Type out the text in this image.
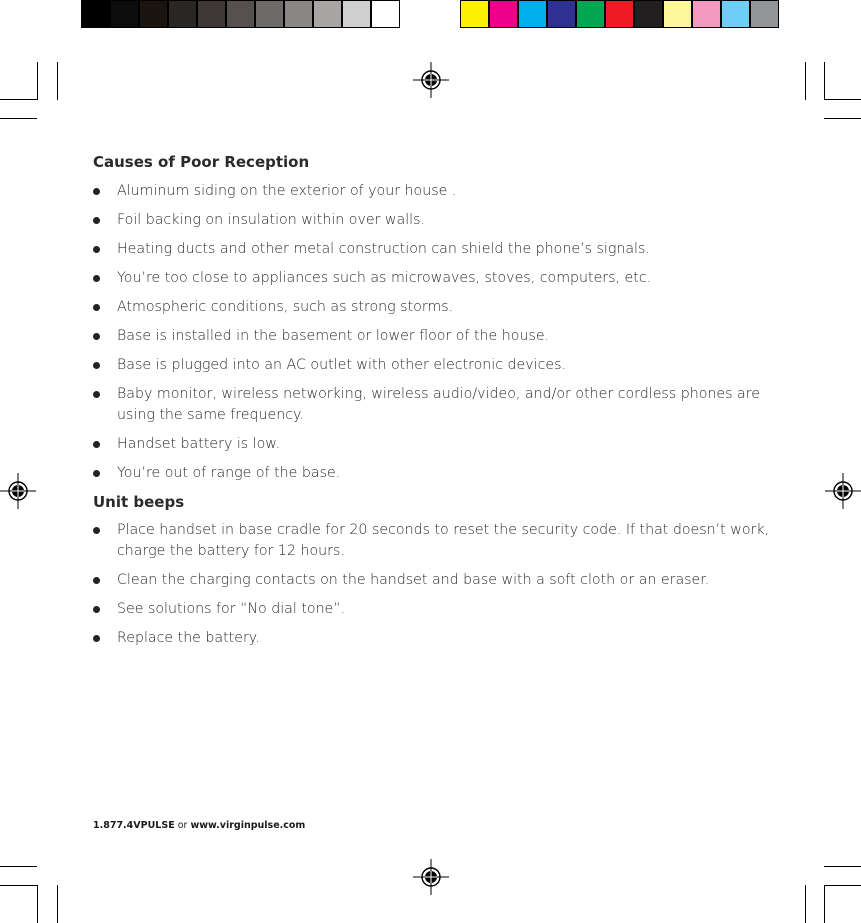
Causes of Poor Reception
Aluminum siding on the exterior of your house .
Foil backing on insulation within over walls.
Heating ducts and other metal construction can shield the phone’s signals.
You’re too close to appliances such as microwaves, stoves, computers, etc.
Atmospheric conditions, such as strong storms.
Base is installed in the basement or lower floor of the house.
Base is plugged into an AC outlet with other electronic devices.
Baby monitor, wireless networking, wireless audio/video, and/or other cordless phones are using the same frequency.
Handset battery is low.
You’re out of range of the base.
Unit beeps
Place handset in base cradle for 20 seconds to reset the security code. If that doesn’t work, charge the battery for 12 hours.
Clean the charging contacts on the handset and base with a soft cloth or an eraser.
See solutions for “No dial tone”.
Replace the battery.
1.877.4VPULSE or www.virginpulse.com
